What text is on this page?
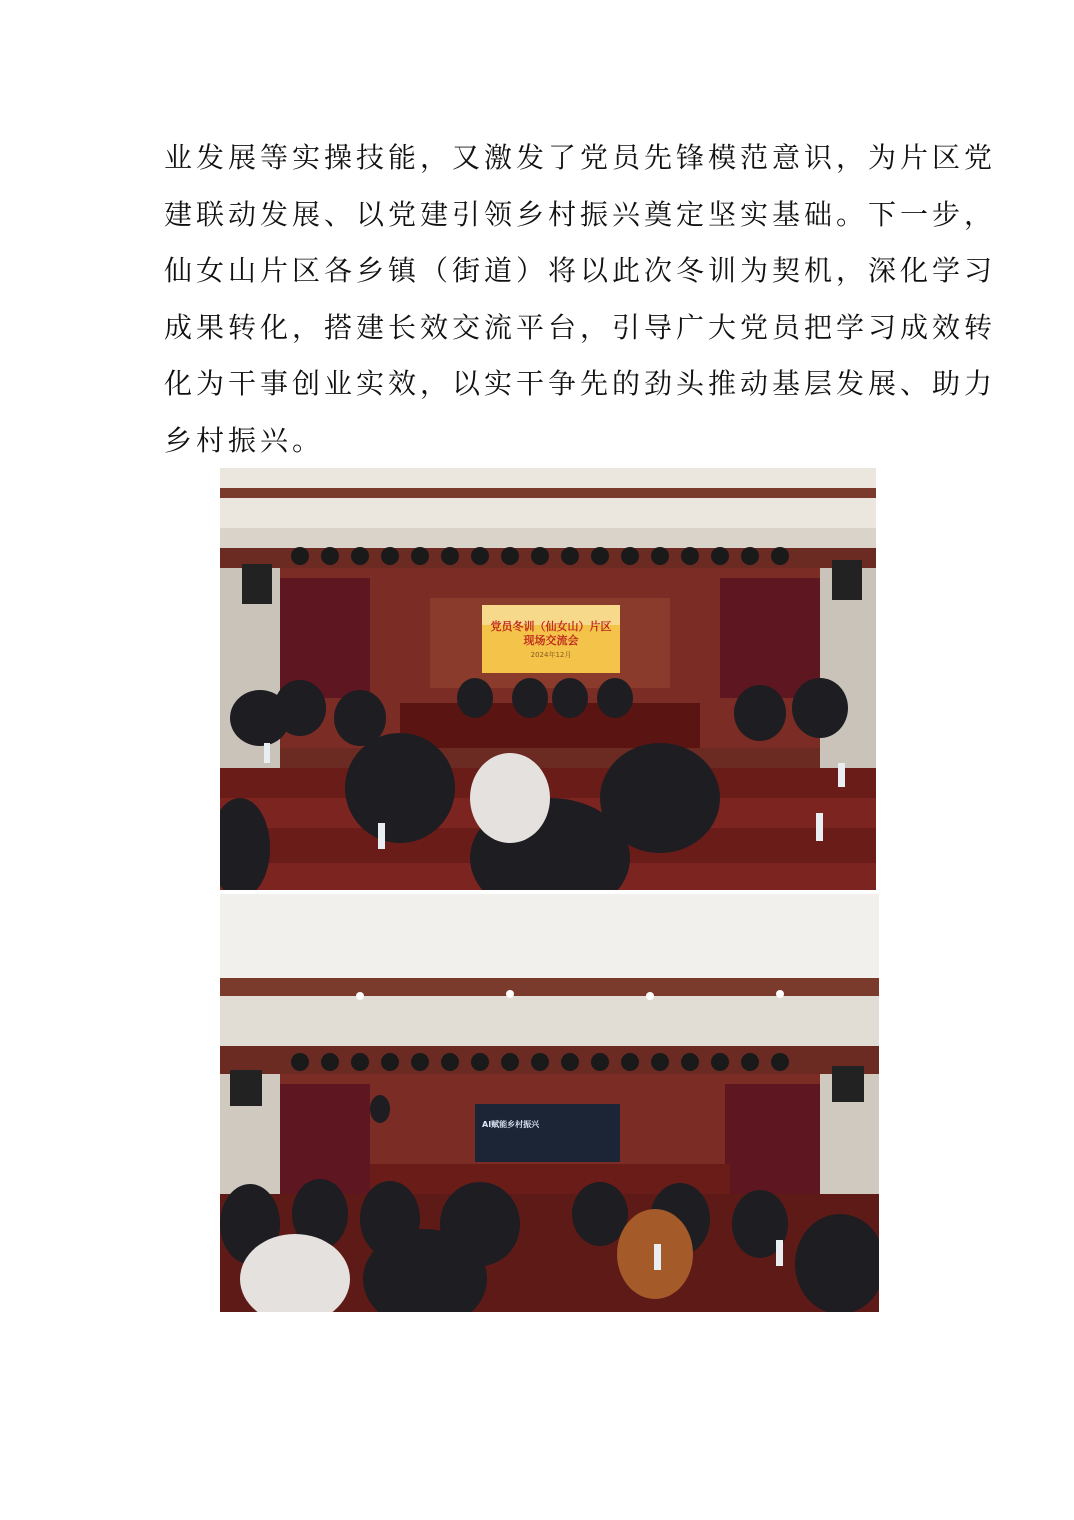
业发展等实操技能，又激发了党员先锋模范意识，为片区党
建联动发展、以党建引领乡村振兴奠定坚实基础。下一步，
仙女山片区各乡镇（街道）将以此次冬训为契机，深化学习
成果转化，搭建长效交流平台，引导广大党员把学习成效转
化为干事创业实效，以实干争先的劲头推动基层发展、助力
乡村振兴。
党员冬训（仙女山）片区
现场交流会
2024年12月
AI赋能乡村振兴
